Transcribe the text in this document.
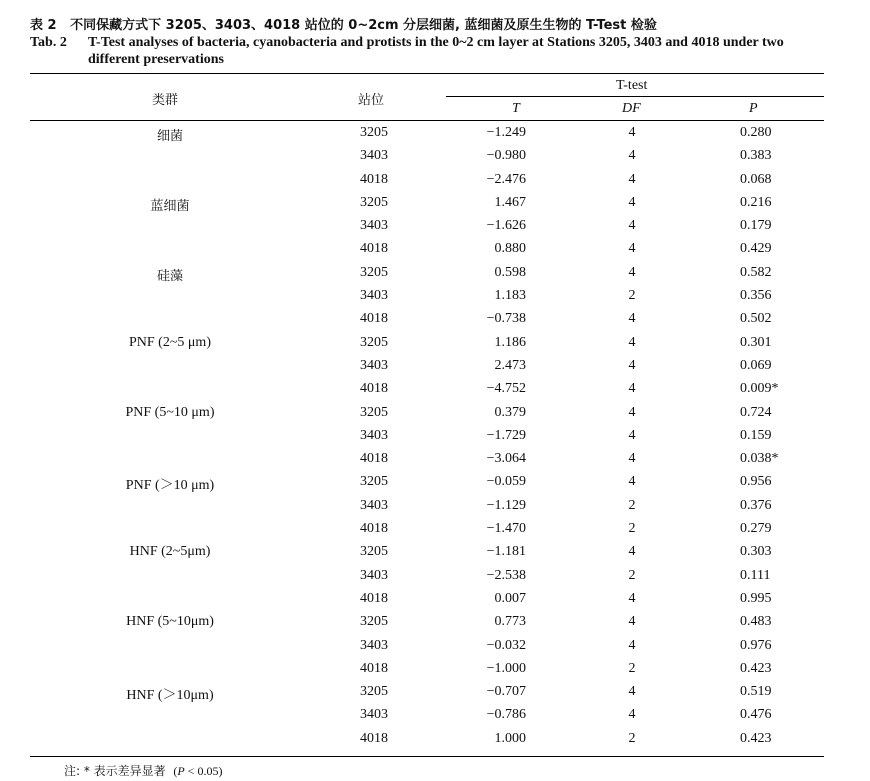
表 2 不同保藏方式下 3205、3403、4018 站位的 0~2cm 分层细菌, 蓝细菌及原生生物的 T-Test 检验
Tab. 2 T-Test analyses of bacteria, cyanobacteria and protists in the 0~2 cm layer at Stations 3205, 3403 and 4018 under two different preservations
类群	站位
T-test
T	DF	P
细菌	3205	−1.249	4	0.280
3403	−0.980	4	0.383
4018	−2.476	4	0.068
蓝细菌	3205	1.467	4	0.216
3403	−1.626	4	0.179
4018	0.880	4	0.429
硅藻	3205	0.598	4	0.582
3403	1.183	2	0.356
4018	−0.738	4	0.502
PNF (2~5 μm)	3205	1.186	4	0.301
3403	2.473	4	0.069
4018	−4.752	4	0.009*
PNF (5~10 μm)	3205	0.379	4	0.724
3403	−1.729	4	0.159
4018	−3.064	4	0.038*
PNF (＞10 μm)	3205	−0.059	4	0.956
3403	−1.129	2	0.376
4018	−1.470	2	0.279
HNF (2~5μm)	3205	−1.181	4	0.303
3403	−2.538	2	0.111
4018	0.007	4	0.995
HNF (5~10μm)	3205	0.773	4	0.483
3403	−0.032	4	0.976
4018	−1.000	2	0.423
HNF (＞10μm)	3205	−0.707	4	0.519
3403	−0.786	4	0.476
4018	1.000	2	0.423
注: * 表示差异显著 (P < 0.05)
